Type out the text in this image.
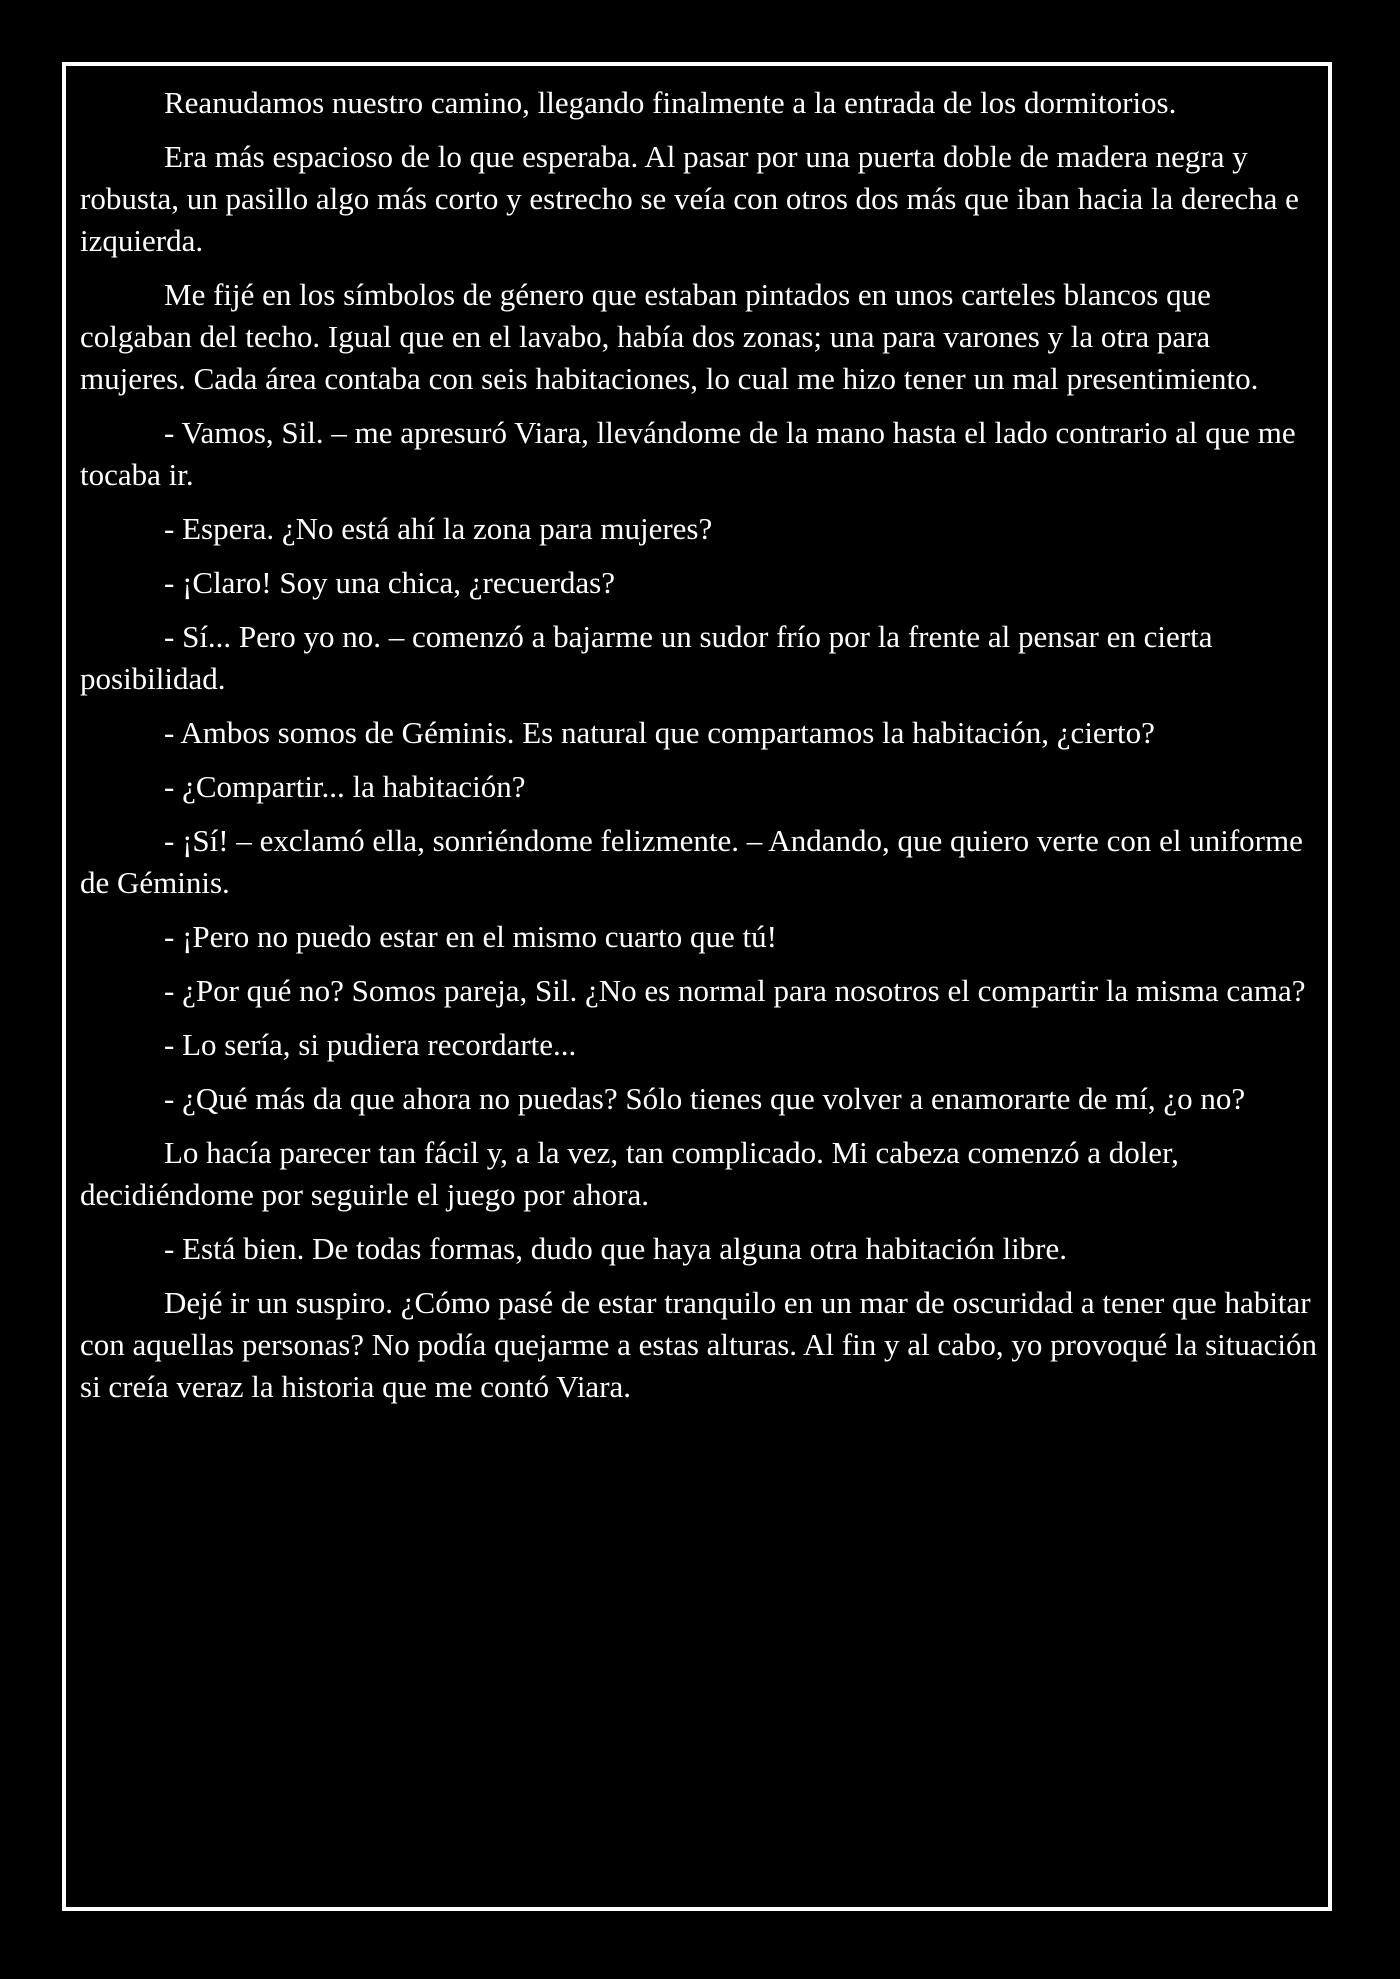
Reanudamos nuestro camino, llegando finalmente a la entrada de los dormitorios.

Era más espacioso de lo que esperaba. Al pasar por una puerta doble de madera negra y robusta, un pasillo algo más corto y estrecho se veía con otros dos más que iban hacia la derecha e izquierda.

Me fijé en los símbolos de género que estaban pintados en unos carteles blancos que colgaban del techo. Igual que en el lavabo, había dos zonas; una para varones y la otra para mujeres. Cada área contaba con seis habitaciones, lo cual me hizo tener un mal presentimiento.

- Vamos, Sil. – me apresuró Viara, llevándome de la mano hasta el lado contrario al que me tocaba ir.

- Espera. ¿No está ahí la zona para mujeres?

- ¡Claro! Soy una chica, ¿recuerdas?

- Sí... Pero yo no. – comenzó a bajarme un sudor frío por la frente al pensar en cierta posibilidad.

- Ambos somos de Géminis. Es natural que compartamos la habitación, ¿cierto?

- ¿Compartir... la habitación?

- ¡Sí! – exclamó ella, sonriéndome felizmente. – Andando, que quiero verte con el uniforme de Géminis.

- ¡Pero no puedo estar en el mismo cuarto que tú!

- ¿Por qué no? Somos pareja, Sil. ¿No es normal para nosotros el compartir la misma cama?

- Lo sería, si pudiera recordarte...

- ¿Qué más da que ahora no puedas? Sólo tienes que volver a enamorarte de mí, ¿o no?

Lo hacía parecer tan fácil y, a la vez, tan complicado. Mi cabeza comenzó a doler, decidiéndome por seguirle el juego por ahora.

- Está bien. De todas formas, dudo que haya alguna otra habitación libre.

Dejé ir un suspiro. ¿Cómo pasé de estar tranquilo en un mar de oscuridad a tener que habitar con aquellas personas? No podía quejarme a estas alturas. Al fin y al cabo, yo provoqué la situación si creía veraz la historia que me contó Viara.
